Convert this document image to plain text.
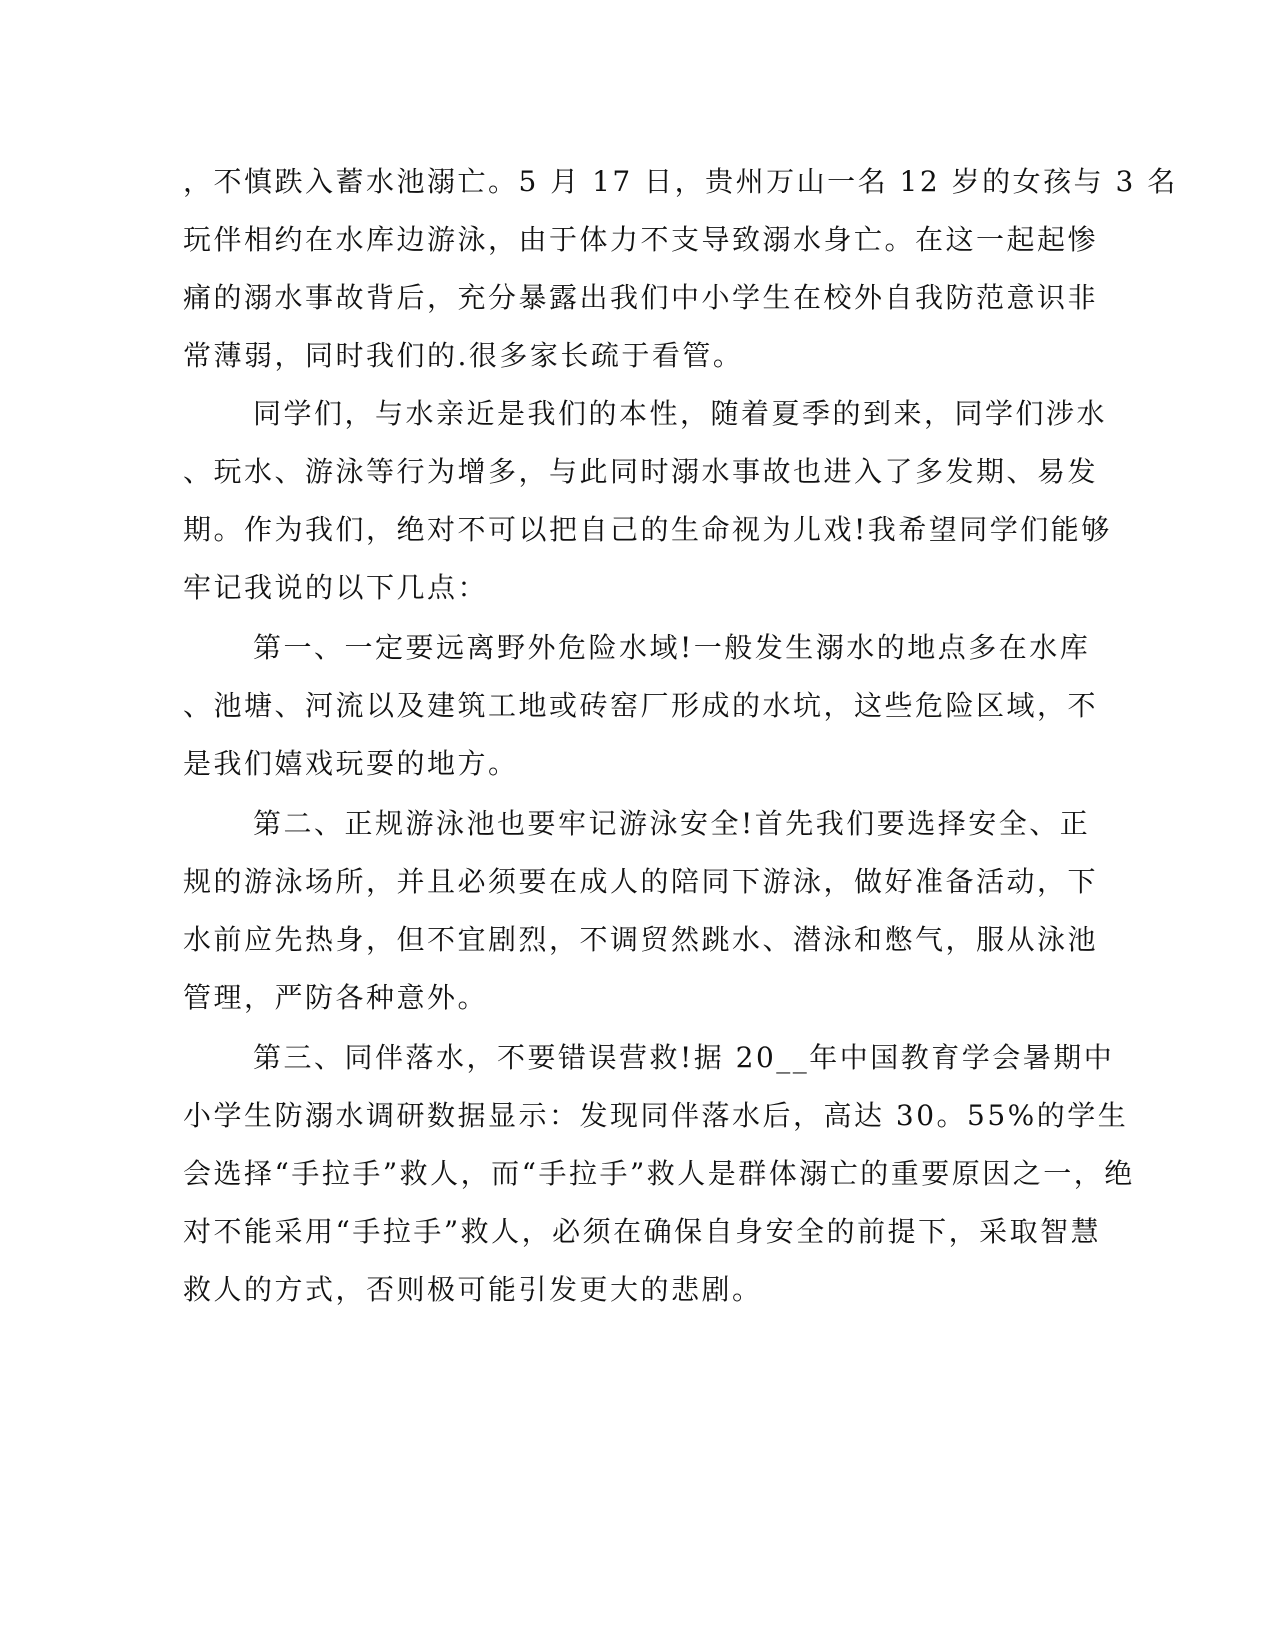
，不慎跌入蓄水池溺亡。5 月 17 日，贵州万山一名 12 岁的女孩与 3 名
玩伴相约在水库边游泳，由于体力不支导致溺水身亡。在这一起起惨
痛的溺水事故背后，充分暴露出我们中小学生在校外自我防范意识非
常薄弱，同时我们的.很多家长疏于看管。
同学们，与水亲近是我们的本性，随着夏季的到来，同学们涉水
、玩水、游泳等行为增多，与此同时溺水事故也进入了多发期、易发
期。作为我们，绝对不可以把自己的生命视为儿戏!我希望同学们能够
牢记我说的以下几点：
第一、一定要远离野外危险水域!一般发生溺水的地点多在水库
、池塘、河流以及建筑工地或砖窑厂形成的水坑，这些危险区域，不
是我们嬉戏玩耍的地方。
第二、正规游泳池也要牢记游泳安全!首先我们要选择安全、正
规的游泳场所，并且必须要在成人的陪同下游泳，做好准备活动，下
水前应先热身，但不宜剧烈，不调贸然跳水、潜泳和憋气，服从泳池
管理，严防各种意外。
第三、同伴落水，不要错误营救!据 20__年中国教育学会暑期中
小学生防溺水调研数据显示：发现同伴落水后，高达 30。55%的学生
会选择“手拉手”救人，而“手拉手”救人是群体溺亡的重要原因之一，绝
对不能采用“手拉手”救人，必须在确保自身安全的前提下，采取智慧
救人的方式，否则极可能引发更大的悲剧。
